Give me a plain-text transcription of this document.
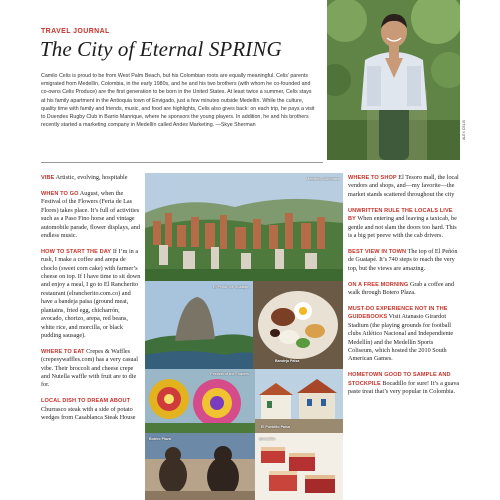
TRAVEL JOURNAL
The City of Eternal SPRING

Camilo Celis is proud to be from West Palm Beach, but his Colombian roots are equally meaningful. Celis’ parents emigrated from Medellín, Colombia, in the early 1980s, and he and his two brothers (with whom he co-founded and co-owns Celis Produce) are the first generation to be born in the United States. At least twice a summer, Celis stays at his family apartment in the Antioquia town of Envigado, just a few minutes outside Medellín. While the culture, quality time with family and friends, music, and food are highlights, Celis also gives back: on each trip, he pays a visit to Duendes Rugby Club in Barrio Manrique, where he sponsors the young players. In addition, he and his brothers recently started a marketing company in Medellín called Andes Marketing. —Skye Sherman	ALEX CELIS

VIBE Artistic, evolving, hospitable

WHEN TO GO August, when the Festival of the Flowers (Feria de Las Flores) takes place. It’s full of activities such as a Paso Fino horse and vintage automobile parade, flower displays, and endless music.

HOW TO START THE DAY If I’m in a rush, I make a coffee and arepa de choclo (sweet corn cake) with farmer’s cheese on top. If I have time to sit down and enjoy a meal, I go to El Rancherito restaurant (elrancherito.com.co) and have a bandeja paisa (ground meat, plantains, fried egg, chicharrón, avocado, chorizo, arepa, red beans, white rice, and morcilla, or black pudding sausage).

WHERE TO EAT Crepes & Waffles (crepesywaffles.com) has a very casual vibe. Their broccoli and cheese crepe and Nutella waffle with fruit are to die for.

LOCAL DISH TO DREAM ABOUT Churrasco steak with a side of potato wedges from Casablanca Steak House

Medellín, Colombia
El Peñón de Guatapé
Bandeja Paisa
Festival of the Flowers
El Pueblito Paisa
Botero Plaza	Bocadillo

WHERE TO SHOP El Tesoro mall, the local vendors and shops, and—my favorite—the market stands scattered throughout the city

UNWRITTEN RULE THE LOCALS LIVE BY When entering and leaving a taxicab, be gentle and not slam the doors too hard. This is a big pet peeve with the cab drivers.

BEST VIEW IN TOWN The top of El Peñón de Guatapé. It’s 740 steps to reach the very top, but the views are amazing.

ON A FREE MORNING Grab a coffee and walk through Botero Plaza.

MUST-DO EXPERIENCE NOT IN THE GUIDEBOOKS Visit Atanasio Girardot Stadium (the playing grounds for football clubs Atlético Nacional and Independiente Medellín) and the Medellín Sports Coliseum, which hosted the 2010 South American Games.

HOMETOWN GOOD TO SAMPLE AND STOCKPILE Bocadillo for sure! It’s a guava paste treat that’s very popular in Colombia.
